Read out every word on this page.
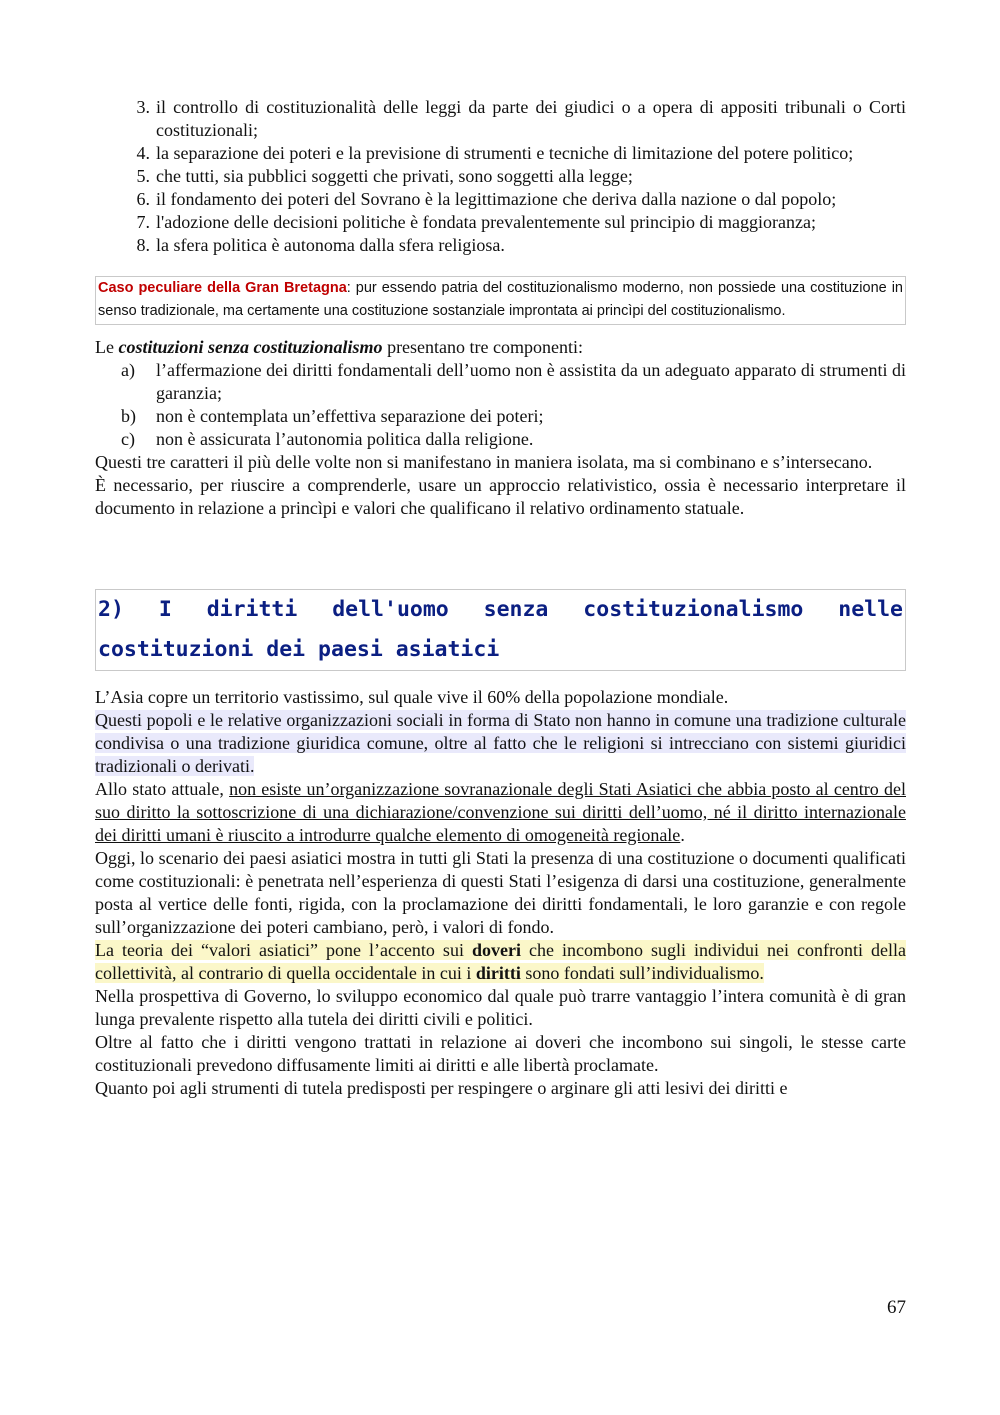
3. il controllo di costituzionalità delle leggi da parte dei giudici o a opera di appositi tribunali o Corti costituzionali;
4. la separazione dei poteri e la previsione di strumenti e tecniche di limitazione del potere politico;
5. che tutti, sia pubblici soggetti che privati, sono soggetti alla legge;
6. il fondamento dei poteri del Sovrano è la legittimazione che deriva dalla nazione o dal popolo;
7. l'adozione delle decisioni politiche è fondata prevalentemente sul principio di maggioranza;
8. la sfera politica è autonoma dalla sfera religiosa.
Caso peculiare della Gran Bretagna: pur essendo patria del costituzionalismo moderno, non possiede una costituzione in senso tradizionale, ma certamente una costituzione sostanziale improntata ai princìpi del costituzionalismo.
Le costituzioni senza costituzionalismo presentano tre componenti:
a)	l’affermazione dei diritti fondamentali dell’uomo non è assistita da un adeguato apparato di strumenti di garanzia;
b)	non è contemplata un’effettiva separazione dei poteri;
c)	non è assicurata l’autonomia politica dalla religione.
Questi tre caratteri il più delle volte non si manifestano in maniera isolata, ma si combinano e s’intersecano.
È necessario, per riuscire a comprenderle, usare un approccio relativistico, ossia è necessario interpretare il documento in relazione a princìpi e valori che qualificano il relativo ordinamento statuale.
2) I diritti dell'uomo senza costituzionalismo nelle costituzioni dei paesi asiatici
L’Asia copre un territorio vastissimo, sul quale vive il 60% della popolazione mondiale.
Questi popoli e le relative organizzazioni sociali in forma di Stato non hanno in comune una tradizione culturale condivisa o una tradizione giuridica comune, oltre al fatto che le religioni si intrecciano con sistemi giuridici tradizionali o derivati.
Allo stato attuale, non esiste un’organizzazione sovranazionale degli Stati Asiatici che abbia posto al centro del suo diritto la sottoscrizione di una dichiarazione/convenzione sui diritti dell’uomo, né il diritto internazionale dei diritti umani è riuscito a introdurre qualche elemento di omogeneità regionale.
Oggi, lo scenario dei paesi asiatici mostra in tutti gli Stati la presenza di una costituzione o documenti qualificati come costituzionali: è penetrata nell’esperienza di questi Stati l’esigenza di darsi una costituzione, generalmente posta al vertice delle fonti, rigida, con la proclamazione dei diritti fondamentali, le loro garanzie e con regole sull’organizzazione dei poteri cambiano, però, i valori di fondo.
La teoria dei “valori asiatici” pone l’accento sui doveri che incombono sugli individui nei confronti della collettività, al contrario di quella occidentale in cui i diritti sono fondati sull’individualismo.
Nella prospettiva di Governo, lo sviluppo economico dal quale può trarre vantaggio l’intera comunità è di gran lunga prevalente rispetto alla tutela dei diritti civili e politici.
Oltre al fatto che i diritti vengono trattati in relazione ai doveri che incombono sui singoli, le stesse carte costituzionali prevedono diffusamente limiti ai diritti e alle libertà proclamate.
Quanto poi agli strumenti di tutela predisposti per respingere o arginare gli atti lesivi dei diritti e
67
